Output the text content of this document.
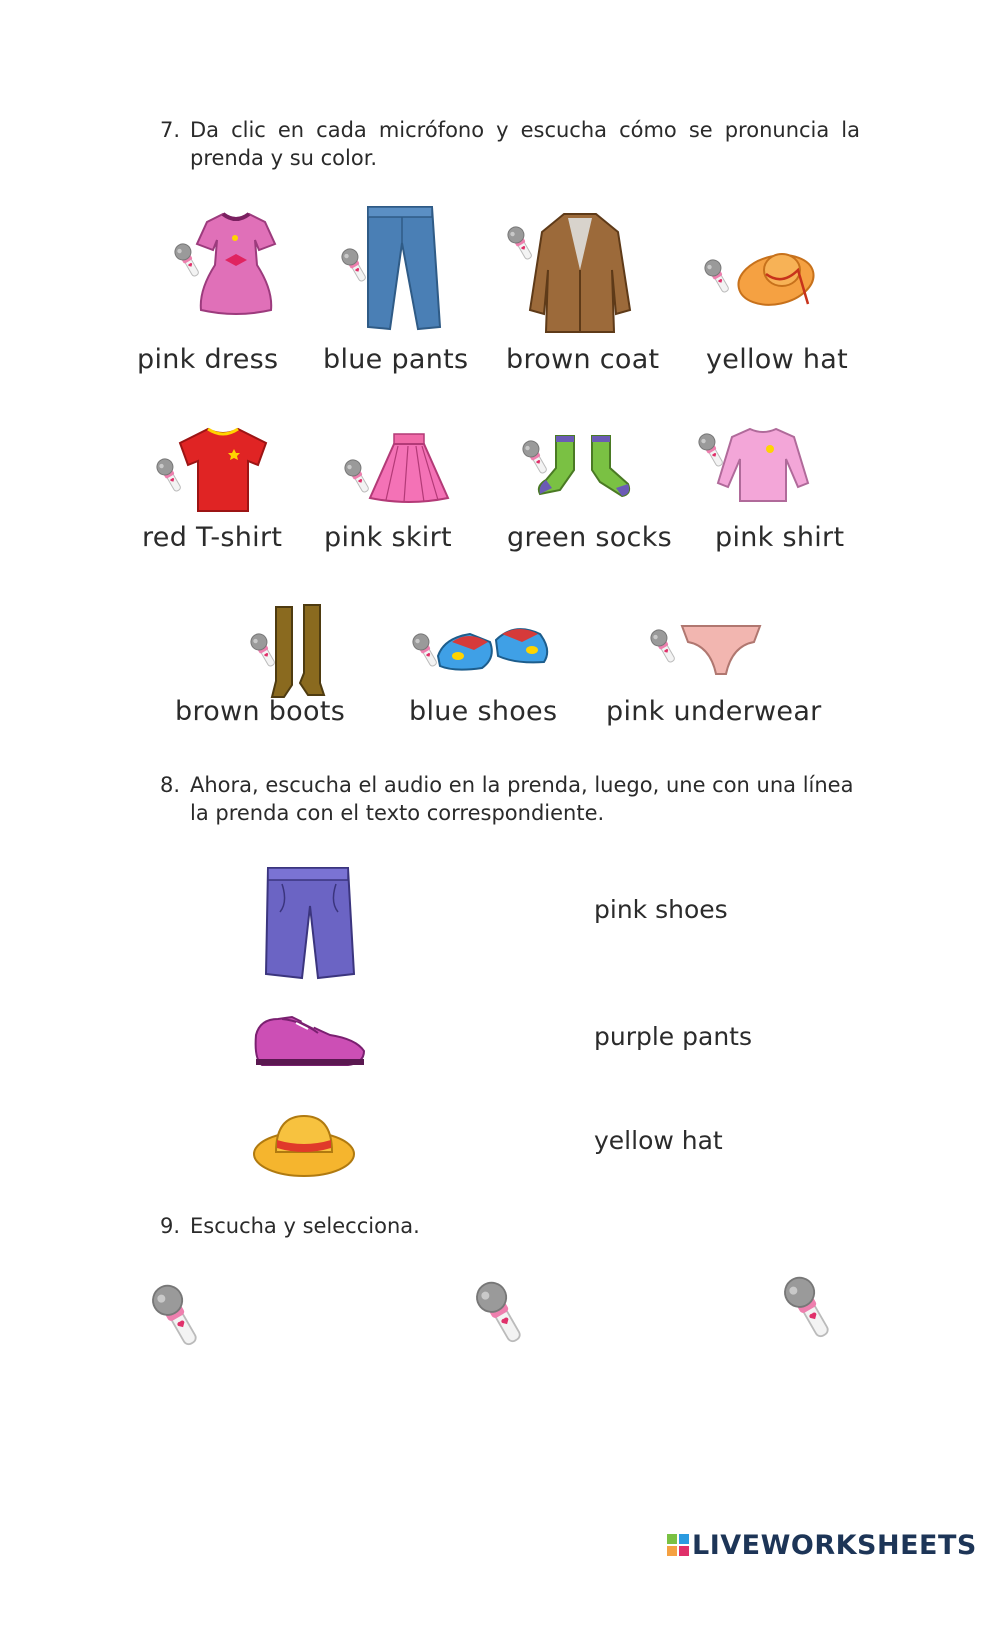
7. Da clic en cada micrófono y escucha cómo se pronuncia la prenda y su color.
pink dress blue pants brown coat yellow hat
red T-shirt pink skirt green socks pink shirt
brown boots blue shoes pink underwear
8. Ahora, escucha el audio en la prenda, luego, une con una línea la prenda con el texto correspondiente.
pink shoes
purple pants
yellow hat
9. Escucha y selecciona.
LIVEWORKSHEETS
